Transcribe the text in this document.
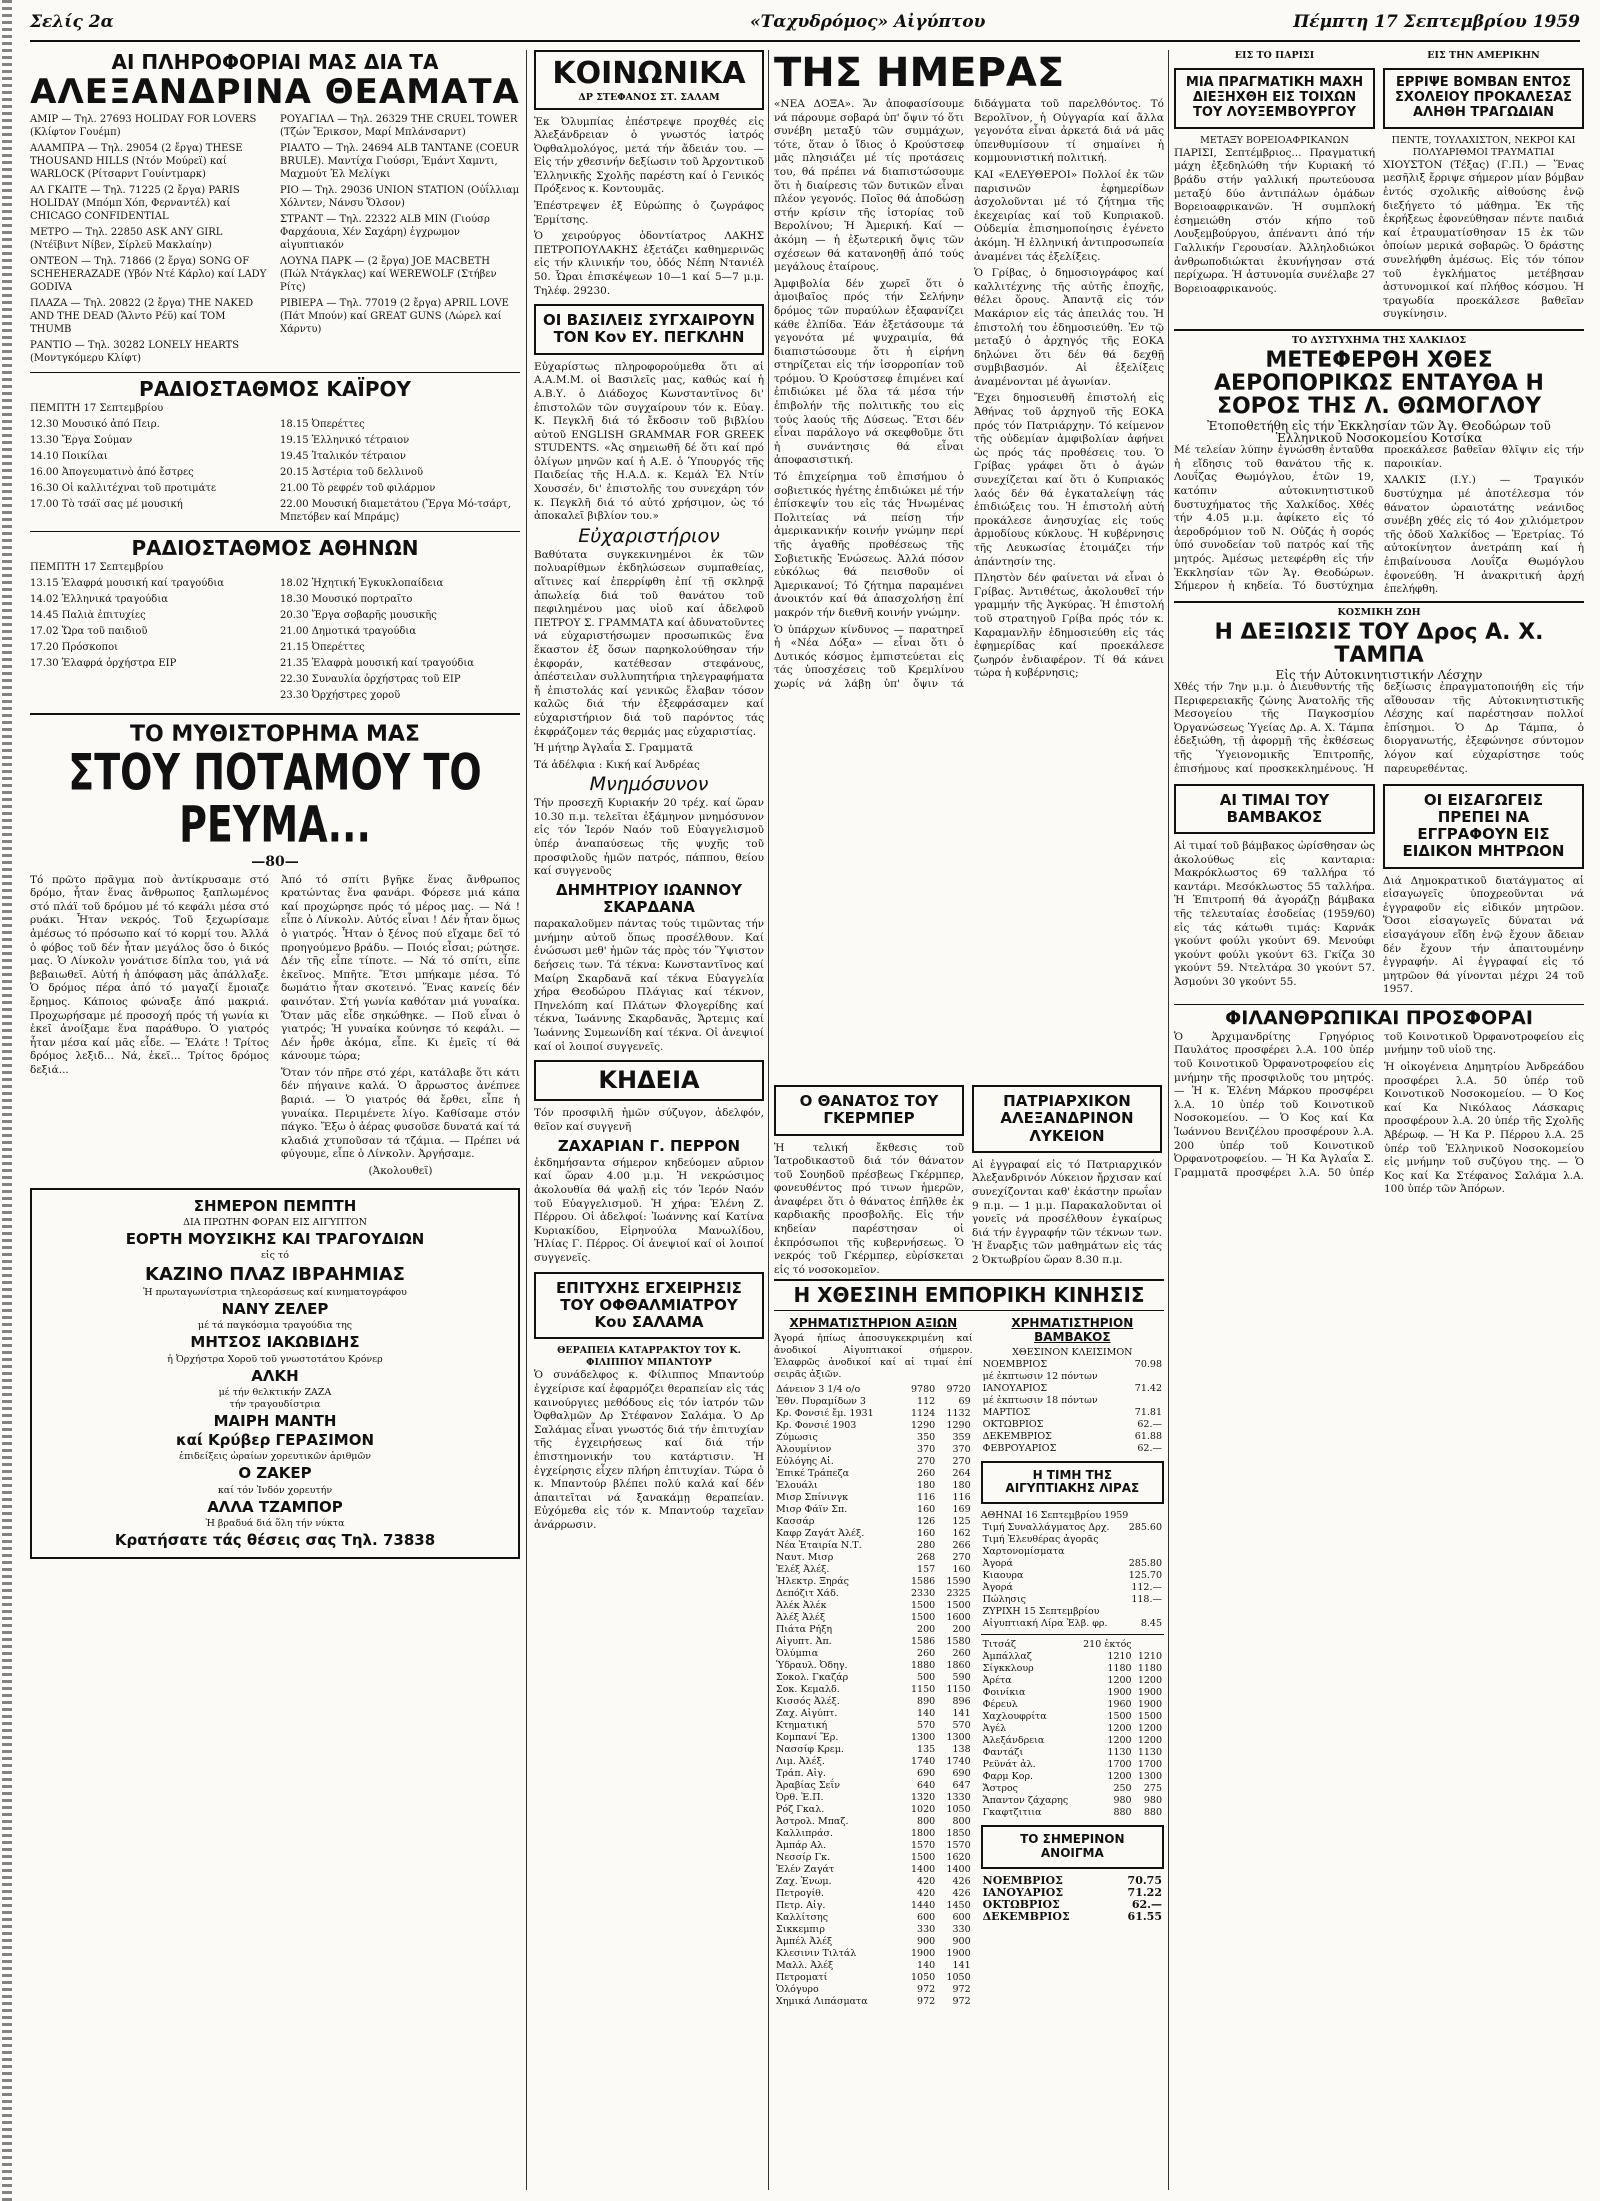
Σελίς 2α	«Ταχυδρόμος» Αἰγύπτου	Πέμπτη 17 Σεπτεμβρίου 1959
ΑΙ ΠΛΗΡΟΦΟΡΙΑΙ ΜΑΣ ΔΙΑ ΤΑ
ΑΛΕΞΑΝΔΡΙΝΑ ΘΕΑΜΑΤΑ

ΑΜΙΡ — Τηλ. 27693 HOLIDAY FOR LOVERS (Κλίφτον Γουέμπ)

ΑΛΑΜΠΡΑ — Τηλ. 29054 (2 ἔργα) THESE THOUSAND HILLS (Ντόν Μούρεϊ) καί WARLOCK (Ρίτσαρντ Γουίντμαρκ)

ΑΛ ΓΚΑΙΤΕ — Τηλ. 71225 (2 ἔργα) PARIS HOLIDAY (Μπόμπ Χόπ, Φερναντέλ) καί CHICAGO CONFIDENTIAL

ΜΕΤΡΟ — Τηλ. 22850 ASK ANY GIRL (Ντέϊβιντ Νίβεν, Σίρλεϋ Μακλαίην)

ΟΝΤΕΟΝ — Τηλ. 71866 (2 ἔργα) SONG OF SCHEHERAZADE (Υβόν Ντέ Κάρλο) καί LADY GODIVA

ΠΛΑΖΑ — Τηλ. 20822 (2 ἔργα) THE NAKED AND THE DEAD (Ἄλντο Ρέϋ) καί TOM THUMB

ΡΑΝΤΙΟ — Τηλ. 30282 LONELY HEARTS (Μοντγκόμερυ Κλίφτ)

ΡΟΥΑΓΙΑΛ — Τηλ. 26329 THE CRUEL TOWER (Τζών Ἔρικσον, Μαρί Μπλάνσαρντ)

ΡΙΑΛΤΟ — Τηλ. 24694 ALB TANTANE (COEUR BRULE). Μαντίχα Γιούσρι, Ἐμάντ Χαμντι, Μαχμούτ Ἐλ Μελίγκι

ΡΙΟ — Τηλ. 29036 UNION STATION (Οὐΐλλιαμ Χόλντεν, Νάνσυ Ὄλσον)

ΣΤΡΑΝΤ — Τηλ. 22322 ALB MIN (Γιούσρ Φαρχάουια, Χέν Σαχάρη) ἐγχρωμον αἰγυπτιακόν

ΛΟΥΝΑ ΠΑΡΚ — (2 ἔργα) JOE MACBETH (Πώλ Ντάγκλας) καί WEREWOLF (Στήβεν Ρίτς)

ΡΙΒΙΕΡΑ — Τηλ. 77019 (2 ἔργα) APRIL LOVE (Πάτ Μπούν) καί GREAT GUNS (Λώρελ καί Χάρντυ)

ΡΑΔΙΟΣΤΑΘΜΟΣ ΚΑΪΡΟΥ
ΠΕΜΠΤΗ 17 Σεπτεμβρίου

12.30 Μουσικό ἀπό Πειρ.

13.30 Ἔργα Σούμαν

14.10 Ποικίλαι

16.00 Ἀπογευματινὸ ἀπό ἔστρες

16.30 Οἱ καλλιτέχναι τοῦ προτιμάτε

17.00 Τὸ τσάϊ σας μέ μουσική

18.15 Ὀπερέττες

19.15 Ἑλληνικό τέτραιον

19.45 Ἰταλικόν τέτραιον

20.15 Ἀστέρια τοῦ δελλινοῦ

21.00 Τὸ ρεφρέν τοῦ φιλάρμον

22.00 Μουσική διαμετάτου (Ἔργα Μό-τσάρτ, Μπετόβεν καί Μπράμς)

ΡΑΔΙΟΣΤΑΘΜΟΣ ΑΘΗΝΩΝ
ΠΕΜΠΤΗ 17 Σεπτεμβρίου

13.15 Ἐλαφρά μουσική καί τραγούδια

14.02 Ἑλληνικά τραγούδια

14.45 Παλιὰ ἐπιτυχίες

17.02 Ὥρα τοῦ παιδιοῦ

17.20 Πρόσκοποι

17.30 Ἐλαφρά ὀρχήστρα ΕΙΡ

18.02 Ἠχητική Ἐγκυκλοπαίδεια

18.30 Μουσικό πορτραῖτο

20.30 Ἔργα σοβαρῆς μουσικῆς

21.00 Δημοτικά τραγούδια

21.15 Ὀπερέττες

21.35 Ἐλαφρὰ μουσική καί τραγούδια

22.30 Συναυλία ὀρχήστρας τοῦ ΕΙΡ

23.30 Ὀρχήστρες χοροῦ

ΤΟ ΜΥΘΙΣΤΟΡΗΜΑ ΜΑΣ
ΣΤΟΥ ΠΟΤΑΜΟΥ ΤΟ ΡΕΥΜΑ...
—80—

Τό πρῶτο πρᾶγμα ποὺ ἀντίκρυσαμε στό δρόμο, ἦταν ἕνας ἄνθρωπος ξαπλωμένος στό πλάϊ τοῦ δρόμου μέ τό κεφάλι μέσα στό ρυάκι. Ἦταν νεκρός. Τοῦ ξεχωρίσαμε ἀμέσως τό πρόσωπο καί τό κορμί του. Ἀλλά ὁ φόβος τοῦ δέν ἦταν μεγάλος ὅσο ὁ δικός μας. Ὁ Λίνκολν γονάτισε δίπλα του, γιά νά βεβαιωθεῖ. Αὐτή ἡ ἀπόφαση μᾶς ἀπάλλαξε. Ὁ δρόμος πέρα ἀπό τό μαγαζί ἔμοιαζε ἔρημος. Κάποιος φώναξε ἀπό μακριά. Προχωρήσαμε μέ προσοχή πρός τή γωνία κι ἐκεῖ ἀνοίξαμε ἕνα παράθυρο. Ὁ γιατρός ἦταν μέσα καί μᾶς εἶδε. — Ἐλάτε ! Τρίτος δρόμος λεξιδ... Νά, ἐκεῖ... Τρίτος δρόμος δεξιά...

Ἀπό τό σπίτι βγῆκε ἕνας ἄνθρωπος κρατώντας ἕνα φανάρι. Φόρεσε μιά κάπα καί προχώρησε πρός τό μέρος μας. — Νά ! εἶπε ὁ Λίνκολν. Αὐτός εἶναι ! Δέν ἦταν ὅμως ὁ γιατρός. Ἦταν ὁ ξένος πού εἴχαμε δεῖ τό προηγούμενο βράδυ. — Ποιός εἶσαι; ρώτησε. Δέν τῆς εἶπε τίποτε. — Νά τό σπίτι, εἶπε ἐκεῖνος. Μπῆτε. Ἔτσι μπήκαμε μέσα. Τό δωμάτιο ἦταν σκοτεινό. Ἕνας κανείς δέν φαινόταν. Στή γωνία καθόταν μιά γυναίκα. Ὅταν μᾶς εἶδε σηκώθηκε. — Ποῦ εἶναι ὁ γιατρός; Ἡ γυναίκα κούνησε τό κεφάλι. — Δέν ἦρθε ἀκόμα, εἶπε. Κι ἐμεῖς τί θά κάνουμε τώρα;

Ὅταν τόν πῆρε στό χέρι, κατάλαβε ὅτι κάτι δέν πήγαινε καλά. Ὁ ἄρρωστος ἀνέπνεε βαριά. — Ὁ γιατρός θά ἔρθει, εἶπε ἡ γυναίκα. Περιμένετε λίγο. Καθίσαμε στόν πάγκο. Ἔξω ὁ ἀέρας φυσοῦσε δυνατά καί τά κλαδιά χτυποῦσαν τά τζάμια. — Πρέπει νά φύγουμε, εἶπε ὁ Λίνκολν. Ἀργήσαμε.

(Ἀκολουθεῖ)

ΣΗΜΕΡΟΝ ΠΕΜΠΤΗ
ΔΙΑ ΠΡΩΤΗΝ ΦΟΡΑΝ ΕΙΣ ΑΙΓΥΠΤΟΝ
ΕΟΡΤΗ ΜΟΥΣΙΚΗΣ ΚΑΙ ΤΡΑΓΟΥΔΙΩΝ
εἰς τό
ΚΑΖΙΝΟ ΠΛΑΖ ΙΒΡΑΗΜΙΑΣ
Ἡ πρωταγωνίστρια τηλεοράσεως καί κινηματογράφου
ΝΑΝΥ ΖΕΛΕΡ
μέ τά παγκόσμια τραγούδια της
ΜΗΤΣΟΣ ΙΑΚΩΒΙΔΗΣ
ἡ Ὀρχήστρα Χοροῦ τοῦ γνωστοτάτου Κρόνερ
ΑΛΚΗ
μέ τήν θελκτικήν ΖΑΖΑ
τήν τραγουδίστρια
ΜΑΙΡΗ ΜΑΝΤΗ
καί Κρύβερ ΓΕΡΑΣΙΜΟΝ
ἐπιδείξεις ὡραίων χορευτικῶν ἀριθμῶν
Ο ΖΑΚΕΡ
καί τόν Ἰνδόν χορευτήν
ΑΛΛΑ ΤΖΑΜΠΟΡ
Ἡ βραδυά διά ὅλη τήν νύκτα
Κρατήσατε τάς θέσεις σας Τηλ. 73838
ΚΟΙΝΩΝΙΚΑ
ΔΡ ΣΤΕΦΑΝΟΣ ΣΤ. ΣΑΛΑΜ

Ἐκ Ὀλυμπίας ἐπέστρεψε προχθές εἰς Ἀλεξάνδρειαν ὁ γνωστός ἰατρός Ὀφθαλμολόγος, μετά τήν ἄδειάν του. — Εἰς τήν χθεσινήν δεξίωσιν τοῦ Ἀρχοντικοῦ Ἑλληνικῆς Σχολῆς παρέστη καί ὁ Γενικός Πρόξενος κ. Κοντουμᾶς.

Ἐπέστρεψεν ἐξ Εὐρώπης ὁ ζωγράφος Ἑρμίτσης.

Ὁ χειρούργος ὀδοντίατρος ΛΑΚΗΣ ΠΕΤΡΟΠΟΥΛΑΚΗΣ ἐξετάζει καθημερινῶς εἰς τήν κλινικήν του, ὁδός Νέπη Ντανιέλ 50. Ὧραι ἐπισκέψεων 10—1 καί 5—7 μ.μ. Τηλέφ. 29230.

ΟΙ ΒΑΣΙΛΕΙΣ ΣΥΓΧΑΙΡΟΥΝ ΤΟΝ Κον ΕΥ. ΠΕΓΚΛΗΝ

Εὐχαρίστως πληροφορούμεθα ὅτι αἱ Α.Α.Μ.Μ. οἱ Βασιλεῖς μας, καθώς καί ἡ Α.Β.Υ. ὁ Διάδοχος Κωνσταντῖνος δι' ἐπιστολῶν τῶν συγχαίρουν τόν κ. Εὐαγ. Κ. Πεγκλῆ διά τό ἔκδοσιν τοῦ βιβλίου αὐτοῦ ENGLISH GRAMMAR FOR GREEK STUDENTS. «Ἀς σημειωθῆ δέ ὅτι καί πρό ὀλίγων μηνῶν καί ἡ Α.Ε. ὁ Ὑπουργός τῆς Παιδείας τῆς Η.Α.Δ. κ. Κεμάλ Ἐλ Ντίν Χουσσέν, δι' ἐπιστολῆς του συνεχάρη τόν κ. Πεγκλῆ διά τό αὐτό χρήσιμον, ὡς τό ἀποκαλεῖ βιβλίον του.»

Εὐχαριστήριον

Βαθύτατα συγκεκινημένοι ἐκ τῶν πολυαρίθμων ἐκδηλώσεων συμπαθείας, αἵτινες καί ἐπερρίφθη ἐπί τῇ σκληρᾷ ἀπωλείᾳ διά τοῦ θανάτου τοῦ πεφιλημένου μας υἱοῦ καί ἀδελφοῦ ΠΕΤΡΟΥ Σ. ΓΡΑΜΜΑΤΑ καί ἀδυνατοῦντες νά εὐχαριστήσωμεν προσωπικῶς ἕνα ἕκαστον ἐξ ὅσων παρηκολούθησαν τήν ἐκφοράν, κατέθεσαν στεφάνους, ἀπέστειλαν συλλυπητήρια τηλεγραφήματα ἤ ἐπιστολάς καί γενικῶς ἔλαβαν τόσον καλῶς διά τήν ἐξεφράσαμεν καί εὐχαριστήριον διά τοῦ παρόντος τάς ἐκφράζομεν τάς θερμάς μας εὐχαριστίας.

Ἡ μήτηρ Ἀγλαΐα Σ. Γραμματᾶ

Τά ἀδέλφια : Κική καί Ἀνδρέας

Μνημόσυνον

Τήν προσεχῆ Κυριακήν 20 τρέχ. καί ὥραν 10.30 π.μ. τελεῖται ἐξάμηνον μνημόσυνον εἰς τόν Ἱερόν Ναόν τοῦ Εὐαγγελισμοῦ ὑπέρ ἀναπαύσεως τῆς ψυχῆς τοῦ προσφιλοῦς ἡμῶν πατρός, πάππου, θείου καί συγγενοῦς

ΔΗΜΗΤΡΙΟΥ ΙΩΑΝΝΟΥ ΣΚΑΡΔΑΝΑ

παρακαλοῦμεν πάντας τούς τιμῶντας τήν μνήμην αὐτοῦ ὅπως προσέλθουν. Καί ἐνώσωσι μεθ' ἡμῶν τάς πρὸς τόν Ὕψιστον δεήσεις των. Τά τέκνα: Κωνσταντῖνος καί Μαίρη Σκαρδανᾶ καί τέκνα Εὐαγγελία χήρα Θεοδώρου Πλάγιας καί τέκνον, Πηνελόπη καί Πλάτων Φλογερίδης καί τέκνα, Ἰωάννης Σκαρδανᾶς, Ἄρτεμις καί Ἰωάννης Συμεωνίδη καί τέκνα. Οἱ ἀνεψιοί καί οἱ λοιποί συγγενεῖς.

ΚΗΔΕΙΑ

Τόν προσφιλῆ ἡμῶν σύζυγον, ἀδελφόν, θεῖον καί συγγενῆ

ΖΑΧΑΡΙΑΝ Γ. ΠΕΡΡΟΝ

ἐκδημήσαντα σήμερον κηδεύομεν αὔριον καί ὥραν 4.00 μ.μ. Ἡ νεκρώσιμος ἀκολουθία θά ψαλῇ εἰς τόν Ἱερόν Ναόν τοῦ Εὐαγγελισμοῦ. Ἡ χήρα: Ἑλένη Ζ. Πέρρου. Οἱ ἀδελφοί: Ἰωάννης καί Κατίνα Κυριακίδου, Εἰρηνούλα Μανωλίδου, Ἠλίας Γ. Πέρρος. Οἱ ἀνεψιοί καί οἱ λοιποί συγγενεῖς.

ΕΠΙΤΥΧΗΣ ΕΓΧΕΙΡΗΣΙΣ ΤΟΥ ΟΦΘΑΛΜΙΑΤΡΟΥ Κου ΣΑΛΑΜΑ
ΘΕΡΑΠΕΙΑ ΚΑΤΑΡΡΑΚΤΟΥ ΤΟΥ Κ. ΦΙΛΙΠΠΟΥ ΜΠΑΝΤΟΥΡ

Ὁ συνάδελφος κ. Φίλιππος Μπαντούρ ἐγχείρισε καί ἐφαρμόζει θεραπείαν εἰς τάς καινούργιες μεθόδους εἰς τόν ἰατρόν τῶν Ὀφθαλμῶν Δρ Στέφανον Σαλάμα. Ὁ Δρ Σαλάμας εἶναι γνωστός διά τήν ἐπιτυχίαν τῆς ἐγχειρήσεως καί διά τήν ἐπιστημονικήν του κατάρτισιν. Ἡ ἐγχείρησις εἶχεν πλήρη ἐπιτυχίαν. Τώρα ὁ κ. Μπαντούρ βλέπει πολύ καλά καί δέν ἀπαιτεῖται νά ξανακάμῃ θεραπείαν. Εὐχόμεθα εἰς τόν κ. Μπαντούρ ταχεῖαν ἀνάρρωσιν.

ΤΗΣ ΗΜΕΡΑΣ

«ΝΕΑ ΔΟΞΑ». Ἄν ἀποφασίσουμε νά πάρουμε σοβαρά ὑπ' ὄψιν τό ὅτι συνέβη μεταξύ τῶν συμμάχων, τότε, ὅταν ὁ ἴδιος ὁ Κρούστσεφ μᾶς πλησιάζει μέ τίς προτάσεις του, θά πρέπει νά διαπιστώσουμε ὅτι ἡ διαίρεσις τῶν δυτικῶν εἶναι πλέον γεγονός. Ποῖος θά ἀποδώσῃ στήν κρίσιν τῆς ἱστορίας τοῦ Βερολίνου; Ἡ Ἀμερική. Καί — ἀκόμη — ἡ ἐξωτερική ὄψις τῶν σχέσεων θά κατανοηθῇ ἀπό τούς μεγάλους ἐταίρους.

Ἀμφιβολία δέν χωρεῖ ὅτι ὁ ἀμοιβαῖος πρός τήν Σελήνην δρόμος τῶν πυραύλων ἐξαφανίζει κάθε ἐλπίδα. Ἐάν ἐξετάσουμε τά γεγονότα μέ ψυχραιμία, θά διαπιστώσουμε ὅτι ἡ εἰρήνη στηρίζεται εἰς τήν ἰσορροπίαν τοῦ τρόμου. Ὁ Κρούστσεφ ἐπιμένει καί ἐπιδιώκει μέ ὅλα τά μέσα τήν ἐπιβολήν τῆς πολιτικῆς του εἰς τούς λαούς τῆς Δύσεως. Ἔτσι δέν εἶναι παράλογο νά σκεφθοῦμε ὅτι ἡ συνάντησις θά εἶναι ἀποφασιστική.

Τό ἐπιχείρημα τοῦ ἐπισήμου ὁ σοβιετικός ἡγέτης ἐπιδιώκει μέ τήν ἐπίσκεψίν του εἰς τάς Ἡνωμένας Πολιτείας νά πείσῃ τήν ἀμερικανικήν κοινήν γνώμην περί τῆς ἀγαθῆς προθέσεως τῆς Σοβιετικῆς Ἑνώσεως. Ἀλλά πόσον εὐκόλως θά πεισθοῦν οἱ Ἀμερικανοί; Τό ζήτημα παραμένει ἀνοικτόν καί θά ἀπασχολήσῃ ἐπί μακρόν τήν διεθνῆ κοινήν γνώμην.

Ὁ ὑπάρχων κίνδυνος — παρατηρεῖ ἡ «Νέα Δόξα» — εἶναι ὅτι ὁ Δυτικός κόσμος ἐμπιστεύεται εἰς τάς ὑποσχέσεις τοῦ Κρεμλίνου χωρίς νά λάβῃ ὑπ' ὄψιν τά διδάγματα τοῦ παρελθόντος. Τό Βερολῖνον, ἡ Οὐγγαρία καί ἄλλα γεγονότα εἶναι ἀρκετά διά νά μᾶς ὑπενθυμίσουν τί σημαίνει ἡ κομμουνιστική πολιτική.

ΚΑΙ «ΕΛΕΥΘΕΡΟΙ» Πολλοί ἐκ τῶν παρισινῶν ἐφημερίδων ἀσχολοῦνται μέ τό ζήτημα τῆς ἐκεχειρίας καί τοῦ Κυπριακοῦ. Οὐδεμία ἐπισημοποίησις ἐγένετο ἀκόμη. Ἡ ἐλληνική ἀντιπροσωπεία ἀναμένει τάς ἐξελίξεις.

Ὁ Γρίβας, ὁ δημοσιογράφος καί καλλιτέχνης τῆς αὐτῆς ἐποχῆς, θέλει ὅρους. Ἀπαντᾷ εἰς τόν Μακάριον εἰς τάς ἀπειλάς του. Ἡ ἐπιστολή του ἐδημοσιεύθη. Ἐν τῷ μεταξύ ὁ ἀρχηγός τῆς ΕΟΚΑ δηλώνει ὅτι δέν θά δεχθῇ συμβιβασμόν. Αἱ ἐξελίξεις ἀναμένονται μέ ἀγωνίαν.

Ἔχει δημοσιευθῆ ἐπιστολή εἰς Ἀθήνας τοῦ ἀρχηγοῦ τῆς ΕΟΚΑ πρός τόν Πατριάρχην. Τό κείμενον τῆς οὐδεμίαν ἀμφιβολίαν ἀφήνει ὡς πρός τάς προθέσεις του. Ὁ Γρίβας γράφει ὅτι ὁ ἀγών συνεχίζεται καί ὅτι ὁ Κυπριακός λαός δέν θά ἐγκαταλείψῃ τάς ἐπιδιώξεις του. Ἡ ἐπιστολή αὐτή προκάλεσε ἀνησυχίας εἰς τούς ἁρμοδίους κύκλους. Ἡ κυβέρνησις τῆς Λευκωσίας ἐτοιμάζει τήν ἀπάντησίν της.

Πληστὸν δέν φαίνεται νά εἶναι ὁ Γρίβας. Ἀντιθέτως, ἀκολουθεῖ τήν γραμμήν τῆς Ἀγκύρας. Ἡ ἐπιστολή τοῦ στρατηγοῦ Γρίβα πρός τόν κ. Καραμανλῆν ἐδημοσιεύθη εἰς τάς ἐφημερίδας καί προεκάλεσε ζωηρόν ἐνδιαφέρον. Τί θά κάνει τώρα ἡ κυβέρνησις;

Ο ΘΑΝΑΤΟΣ ΤΟΥ ΓΚΕΡΜΠΕΡ

Ἡ τελική ἔκθεσις τοῦ Ἰατροδικαστοῦ διά τόν θάνατον τοῦ Σουηδοῦ πρέσβεως Γκέρμπερ, φονευθέντος πρό τινων ἡμερῶν, ἀναφέρει ὅτι ὁ θάνατος ἐπῆλθε ἐκ καρδιακῆς προσβολῆς. Εἰς τήν κηδείαν παρέστησαν οἱ ἐκπρόσωποι τῆς κυβερνήσεως. Ὁ νεκρός τοῦ Γκέρμπερ, εὑρίσκεται εἰς τό νοσοκομεῖον.

ΠΑΤΡΙΑΡΧΙΚΟΝ ΑΛΕΞΑΝΔΡΙΝΟΝ ΛΥΚΕΙΟΝ

Αἱ ἐγγραφαί εἰς τό Πατριαρχικόν Ἀλεξανδρινόν Λύκειον ἤρχισαν καί συνεχίζονται καθ' ἑκάστην πρωΐαν 9 π.μ. — 1 μ.μ. Παρακαλοῦνται οἱ γονεῖς νά προσέλθουν ἐγκαίρως διά τήν ἐγγραφήν τῶν τέκνων των. Ἡ ἔναρξις τῶν μαθημάτων εἰς τάς 2 Ὀκτωβρίου ὥραν 8.30 π.μ.

Η ΧΘΕΣΙΝΗ ΕΜΠΟΡΙΚΗ ΚΙΝΗΣΙΣ
ΧΡΗΜΑΤΙΣΤΗΡΙΟΝ ΑΞΙΩΝ

Ἀγορά ἠπίως ἀποσυγκεκριμένη καί ἀνοδικοί Αἰγυπτιακοί σήμερον. Ἐλαφρῶς ἀνοδικοί καί αἱ τιμαί ἐπί σειρᾶς ἀξιῶν.

Δάνειον 3 1/4 ο/ο	9780	9720
Ἐθν. Πυραμίδων 3	112	69
Κρ. Φονσιέ ἔμ. 1931	1124	1132
Κρ. Φονσιέ 1903	1290	1290
Ζύμωσις	350	359
Ἀλουμίνιον	370	370
Εὐλόγης Αἰ.	270	270
Ἐπικέ Τράπεζα	260	264
Ἐλουάλι	180	180
Μισρ Σπίνινγκ	116	116
Μισρ Φάϊν Σπ.	160	169
Κασσάρ	126	125
Καφρ Ζαγάτ Ἀλέξ.	160	162
Νέα Ἐταιρία Ν.Τ.	280	266
Ναυτ. Μισρ	268	270
Ἐλέξ Ἀλέξ.	157	160
Ἠλεκτρ. Ξηράς	1586	1590
Δεπόζιτ Χάδ.	2330	2325
Ἀλέκ Ἀλέκ	1500	1500
Ἀλέξ Ἀλέξ	1500	1600
Πιάτα Ρήξη	200	200
Αἰγυπτ. Ἀπ.	1586	1580
Ὀλύμπια	260	260
Ὑδραυλ. Ὀδηγ.	1880	1860
Σοκολ. Γκαζάρ	500	590
Σοκ. Κεμαλδ.	1150	1150
Κισσός Ἀλέξ.	890	896
Ζαχ. Αἰγύπτ.	140	141
Κτηματική	570	570
Κομπανί Ἔρ.	1300	1300
Νασσίφ Κρεμ.	135	138
Λιμ. Ἀλέξ.	1740	1740
Τράπ. Αἰγ.	690	690
Ἀραβίας Σεΐν	640	647
Ὀρθ. Ἐ.Π.	1320	1330
Ρόζ Γκαλ.	1020	1050
Ἀστρολ. Μπαζ.	800	800
Καλλιπράσ.	1800	1850
Ἀμπάρ Αλ.	1570	1570
Νεσσίρ Γκ.	1500	1620
Ἐλέν Ζαγάτ	1400	1400
Ζαχ. Ἑνωμ.	420	426
Πετρογίθ.	420	426
Πετρ. Αἰγ.	1440	1450
Καλλίτσης	600	600
Σικκεμπιρ	330	330
Ἀμπέλ Ἀλέξ	900	900
Κλεσινιν Τιλτάλ	1900	1900
Μαλλ. Ἀλέξ	140	141
Πετροματί	1050	1050
Ὁλόγυρο	972	972
Χημικά Λιπάσματα	972	972
ΧΡΗΜΑΤΙΣΤΗΡΙΟΝ ΒΑΜΒΑΚΟΣ
ΧΘΕΣΙΝΟΝ ΚΛΕΙΣΙΜΟΝ
ΝΟΕΜΒΡΙΟΣ	70.98
μέ ἐκπτωσιν 12 πόντων	
ΙΑΝΟΥΑΡΙΟΣ	71.42
μέ ἐκπτωσιν 18 πόντων	
ΜΑΡΤΙΟΣ	71.81
ΟΚΤΩΒΡΙΟΣ	62.—
ΔΕΚΕΜΒΡΙΟΣ	61.88
ΦΕΒΡΟΥΑΡΙΟΣ	62.—
Η ΤΙΜΗ ΤΗΣ ΑΙΓΥΠΤΙΑΚΗΣ ΛΙΡΑΣ
ΑΘΗΝΑΙ 16 Σεπτεμβρίου 1959
Τιμή Συναλλάγματος Δρχ.	285.60
Τιμή Ἐλευθέρας ἀγορᾶς	
Χαρτονομίσματα	
Ἀγορά	285.80
Κιαουρα	125.70
Ἀγορά	112.—
Πώλησις	118.—
ΖΥΡΙΧΗ 15 Σεπτεμβρίου	
Αἰγυπτιακή Λίρα Ἐλβ. φρ.	8.45
Τιτσάζ	210 ἐκτός	
Ἀμπάλλαζ	1210	1210
Σίγκκλουρ	1180	1180
Ἀρέτα	1200	1200
Φοινίκια	1900	1900
Φέρευλ	1960	1900
Χαχλουφρίτα	1500	1500
Ἀγέλ	1200	1200
Ἀλεξάνδρεια	1200	1200
Φαντάζι	1130	1130
Ρεϋνάτ ἀλ.	1700	1700
Φαρμ Κορ.	1200	1300
Ἄστρος	250	275
Ἄπαντον ζάχαρης	980	980
Γκαφτζιτιια	880	880
ΤΟ ΣΗΜΕΡΙΝΟΝ ΑΝΟΙΓΜΑ
ΝΟΕΜΒΡΙΟΣ	70.75
ΙΑΝΟΥΑΡΙΟΣ	71.22
ΟΚΤΩΒΡΙΟΣ	62.—
ΔΕΚΕΜΒΡΙΟΣ	61.55
ΕΙΣ ΤΟ ΠΑΡΙΣΙ
ΜΙΑ ΠΡΑΓΜΑΤΙΚΗ ΜΑΧΗ ΔΙΕΞΗΧΘΗ ΕΙΣ ΤΟΙΧΩΝ ΤΟΥ ΛΟΥΞΕΜΒΟΥΡΓΟΥ
ΜΕΤΑΞΥ ΒΟΡΕΙΟΑΦΡΙΚΑΝΩΝ

ΠΑΡΙΣΙ, Σεπτέμβριος... Πραγματική μάχη ἐξεδηλώθη τήν Κυριακή τό βράδυ στήν γαλλική πρωτεύουσα μεταξύ δύο ἀντιπάλων ὁμάδων Βορειοαφρικανῶν. Ἡ συμπλοκή ἐσημειώθη στόν κήπο τοῦ Λουξεμβούργου, ἀπέναντι ἀπό τήν Γαλλικήν Γερουσίαν. Ἀλληλοδιώκοι ἀνθρωποδιώκται ἐκυνήγησαν στά περίχωρα. Ἡ ἀστυνομία συνέλαβε 27 Βορειοαφρικανούς.

ΕΙΣ ΤΗΝ ΑΜΕΡΙΚΗΝ
ΕΡΡΙΨΕ ΒΟΜΒΑΝ ΕΝΤΟΣ ΣΧΟΛΕΙΟΥ ΠΡΟΚΑΛΕΣΑΣ ΑΛΗΘΗ ΤΡΑΓΩΔΙΑΝ
ΠΕΝΤΕ, ΤΟΥΛΑΧΙΣΤΟΝ, ΝΕΚΡΟΙ ΚΑΙ ΠΟΛΥΑΡΙΘΜΟΙ ΤΡΑΥΜΑΤΙΑΙ

ΧΙΟΥΣΤΟΝ (Τέξας) (Γ.Π.) — Ἕνας μεσῆλιξ ἔρριψε σήμερον μίαν βόμβαν ἐντός σχολικῆς αἰθούσης ἐνῷ διεξήγετο τό μάθημα. Ἐκ τῆς ἐκρήξεως ἐφονεύθησαν πέντε παιδιά καί ἐτραυματίσθησαν 15 ἐκ τῶν ὁποίων μερικά σοβαρῶς. Ὁ δράστης συνελήφθη ἀμέσως. Εἰς τόν τόπον τοῦ ἐγκλήματος μετέβησαν ἀστυνομικοί καί πλήθος κόσμου. Ἡ τραγωδία προεκάλεσε βαθεῖαν συγκίνησιν.

ΤΟ ΔΥΣΤΥΧΗΜΑ ΤΗΣ ΧΑΛΚΙΔΟΣ
ΜΕΤΕΦΕΡΘΗ ΧΘΕΣ ΑΕΡΟΠΟΡΙΚΩΣ ΕΝΤΑΥΘΑ Η ΣΟΡΟΣ ΤΗΣ Λ. ΘΩΜΟΓΛΟΥ
Ἐτοποθετήθη εἰς τήν Ἐκκλησίαν τῶν Ἁγ. Θεοδώρων τοῦ Ἑλληνικοῦ Νοσοκομείου Κοτσίκα

Μέ τελείαν λύπην ἐγνώσθη ἐνταῦθα ἡ εἴδησις τοῦ θανάτου τῆς κ. Λουΐζας Θωμόγλου, ἐτῶν 19, κατόπιν αὐτοκινητιστικοῦ δυστυχήματος τῆς Χαλκίδος. Χθές τήν 4.05 μ.μ. ἀφίκετο εἰς τό ἀεροδρόμιον τοῦ Ν. Οὐζάς ἡ σορός ὑπό συνοδείαν τοῦ πατρός καί τῆς μητρός. Ἀμέσως μετεφέρθη εἰς τήν Ἐκκλησίαν τῶν Ἁγ. Θεοδώρων. Σήμερον ἡ κηδεία. Τό δυστύχημα προεκάλεσε βαθεῖαν θλῖψιν εἰς τήν παροικίαν.

ΧΑΛΚΙΣ (Ι.Υ.) — Τραγικόν δυστύχημα μέ ἀποτέλεσμα τόν θάνατον ὡραιοτάτης νεάνιδος συνέβη χθές εἰς τό 4ον χιλιόμετρον τῆς ὁδοῦ Χαλκίδος — Ἐρετρίας. Τό αὐτοκίνητον ἀνετράπη καί ἡ ἐπιβαίνουσα Λουΐζα Θωμόγλου ἐφονεύθη. Ἡ ἀνακριτική ἀρχή ἐπελήφθη.

ΚΟΣΜΙΚΗ ΖΩΗ
Η ΔΕΞΙΩΣΙΣ ΤΟΥ Δρος Α. Χ. ΤΑΜΠΑ
Εἰς τήν Αὐτοκινητιστικήν Λέσχην

Χθές τήν 7ην μ.μ. ὁ Διευθυντής τῆς Περιφερειακῆς ζώνης Ἀνατολῆς τῆς Μεσογείου τῆς Παγκοσμίου Ὀργανώσεως Ὑγείας Δρ. Α. Χ. Τάμπα ἐδεξιώθη, τῇ ἀφορμῇ τῆς ἐκθέσεως τῆς Ὑγειονομικῆς Ἐπιτροπῆς, ἐπισήμους καί προσκεκλημένους. Ἡ δεξίωσις ἐπραγματοποιήθη εἰς τήν αἴθουσαν τῆς Αὐτοκινητιστικῆς Λέσχης καί παρέστησαν πολλοί ἐπίσημοι. Ὁ Δρ Τάμπα, ὁ διοργανωτής, ἐξεφώνησε σύντομον λόγον καί εὐχαρίστησε τούς παρευρεθέντας.

ΑΙ ΤΙΜΑΙ ΤΟΥ ΒΑΜΒΑΚΟΣ

Αἱ τιμαί τοῦ βάμβακος ὡρίσθησαν ὡς ἀκολούθως εἰς κανταρια: Μακρόκλωστος 69 ταλλήρα τό καντάρι. Μεσόκλωστος 55 ταλλήρα. Ἡ Ἐπιτροπή θά ἀγοράζῃ βάμβακα τῆς τελευταίας ἐσοδείας (1959/60) εἰς τάς κάτωθι τιμάς: Καρνάκ γκούντ φούλι γκούντ 69. Μενούφι γκούντ φούλι γκούντ 63. Γκίζα 30 γκούντ 59. Ντελτάρα 30 γκούντ 57. Ἀσμούνι 30 γκούντ 55.

ΟΙ ΕΙΣΑΓΩΓΕΙΣ ΠΡΕΠΕΙ ΝΑ ΕΓΓΡΑΦΟΥΝ ΕΙΣ ΕΙΔΙΚΟΝ ΜΗΤΡΩΟΝ

Διά Δημοκρατικοῦ διατάγματος αἱ εἰσαγωγεῖς ὑποχρεοῦνται νά ἐγγραφοῦν εἰς εἰδικόν μητρῶον. Ὅσοι εἰσαγωγεῖς δύναται νά εἰσαγάγουν εἴδη ἐνῷ ἔχουν ἄδειαν δέν ἔχουν τήν ἀπαιτουμένην ἐγγραφήν. Αἱ ἐγγραφαί εἰς τό μητρῶον θά γίνονται μέχρι 24 τοῦ 1957.

ΦΙΛΑΝΘΡΩΠΙΚΑΙ ΠΡΟΣΦΟΡΑΙ

Ὁ Ἀρχιμανδρίτης Γρηγόριος Παυλάτος προσφέρει λ.Α. 100 ὑπέρ τοῦ Κοινοτικοῦ Ὀρφανοτροφείου εἰς μνήμην τῆς προσφιλοῦς του μητρός. — Ἡ κ. Ἑλένη Μάρκου προσφέρει λ.Α. 10 ὑπέρ τοῦ Κοινοτικοῦ Νοσοκομείου. — Ὁ Κος καί Κα Ἰωάννου Βενιζέλου προσφέρουν λ.Α. 200 ὑπέρ τοῦ Κοινοτικοῦ Ὀρφανοτροφείου. — Ἡ Κα Ἀγλαΐα Σ. Γραμματᾶ προσφέρει λ.Α. 50 ὑπέρ τοῦ Κοινοτικοῦ Ὀρφανοτροφείου εἰς μνήμην τοῦ υἱοῦ της.

Ἡ οἰκογένεια Δημητρίου Ἀνδρεάδου προσφέρει λ.Α. 50 ὑπέρ τοῦ Κοινοτικοῦ Νοσοκομείου. — Ὁ Κος καί Κα Νικόλαος Λάσκαρις προσφέρουν λ.Α. 20 ὑπέρ τῆς Σχολῆς Ἀβέρωφ. — Ἡ Κα Ρ. Πέρρου λ.Α. 25 ὑπέρ τοῦ Ἑλληνικοῦ Νοσοκομείου εἰς μνήμην τοῦ συζύγου της. — Ὁ Κος καί Κα Στέφανος Σαλάμα λ.Α. 100 ὑπέρ τῶν Ἀπόρων.
